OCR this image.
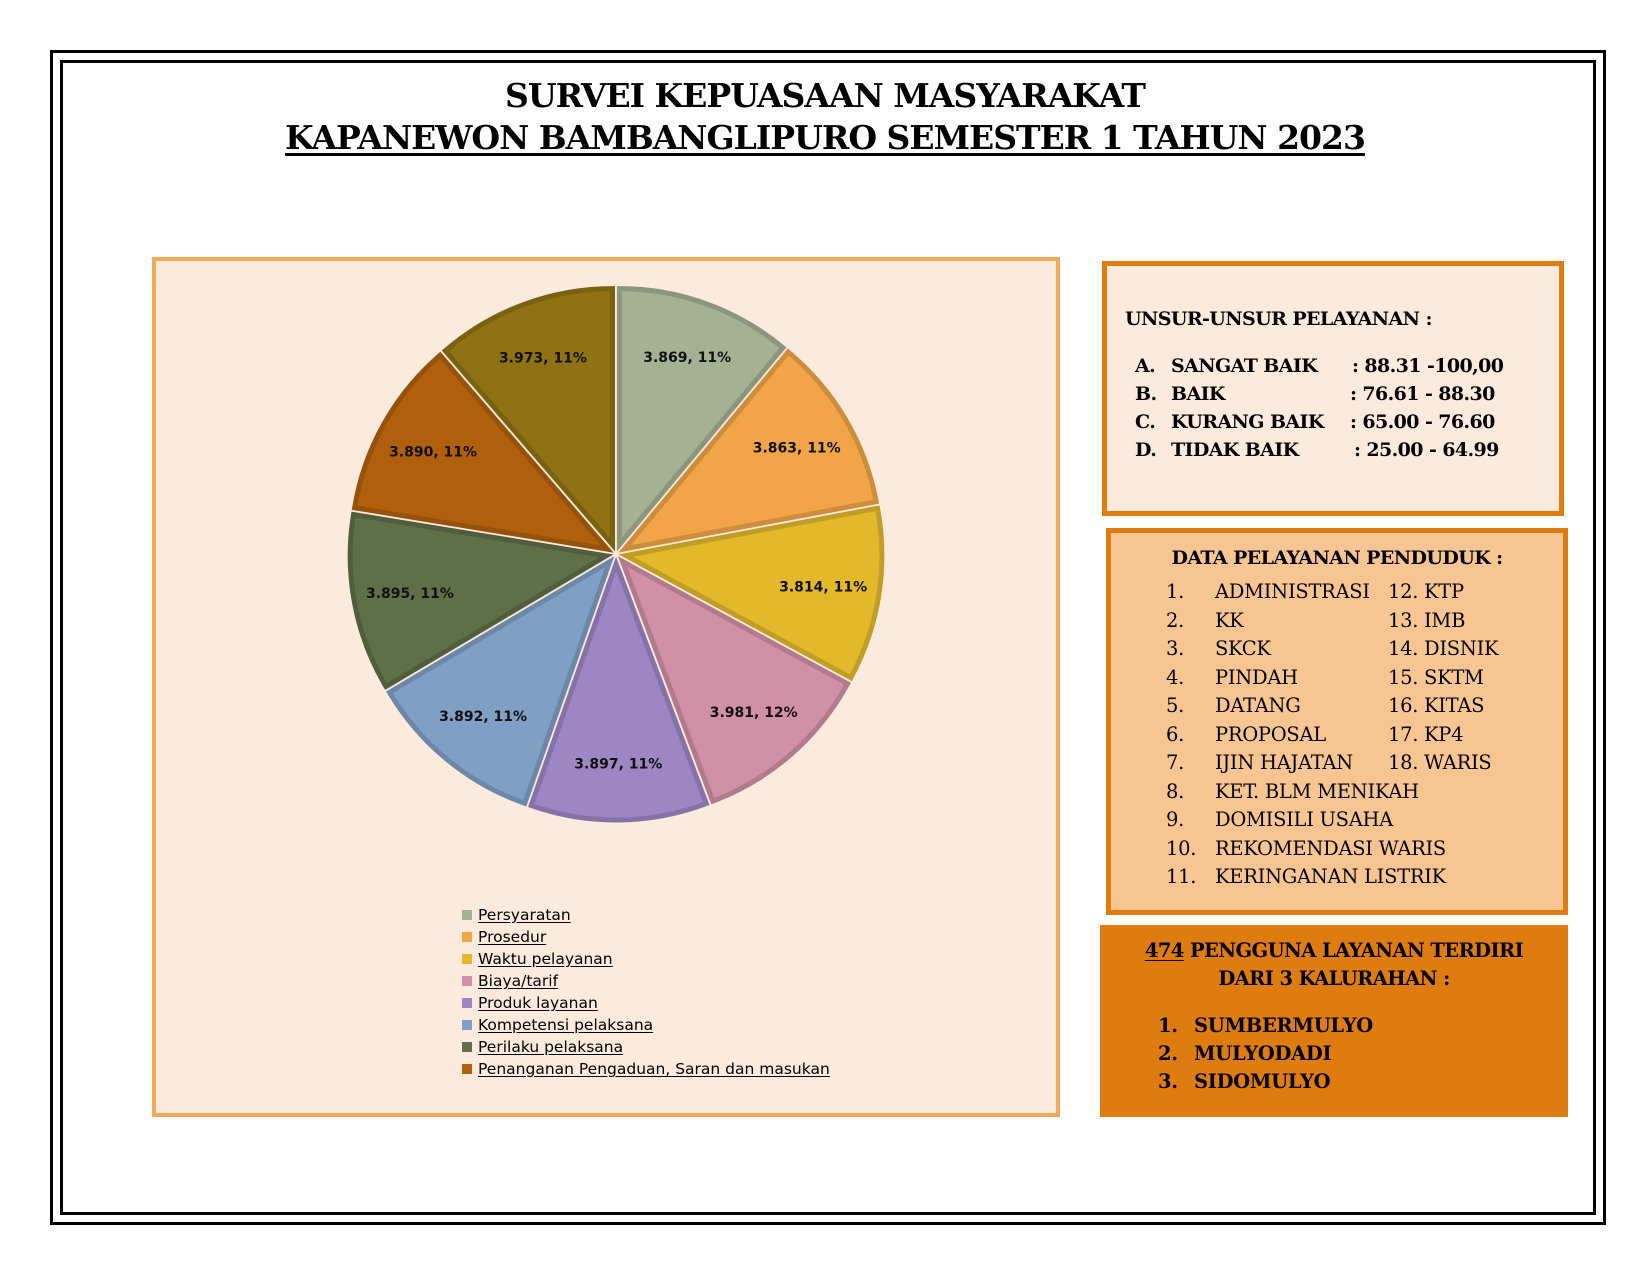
SURVEI KEPUASAAN MASYARAKAT
KAPANEWON BAMBANGLIPURO SEMESTER 1 TAHUN 2023
3.869, 11%
3.863, 11%
3.814, 11%
3.981, 12%
3.897, 11%
3.892, 11%
3.895, 11%
3.890, 11%
3.973, 11%
Persyaratan
Prosedur
Waktu pelayanan
Biaya/tarif
Produk layanan
Kompetensi pelaksana
Perilaku pelaksana
Penanganan Pengaduan, Saran dan masukan
UNSUR-UNSUR PELAYANAN :
A. SANGAT BAIK : 88.31 -100,00
B. BAIK	: 76.61 - 88.30
C. KURANG BAIK : 65.00 - 76.60
D. TIDAK BAIK	: 25.00 - 64.99
DATA PELAYANAN PENDUDUK :
1. ADMINISTRASI
2. KK
3. SKCK
4. PINDAH
5. DATANG
6. PROPOSAL
7. IJIN HAJATAN
8. KET. BLM MENIKAH
9. DOMISILI USAHA
10. REKOMENDASI WARIS
11. KERINGANAN LISTRIK
12. KTP
13. IMB
14. DISNIK
15. SKTM
16. KITAS
17. KP4
18. WARIS
474 PENGGUNA LAYANAN TERDIRI
DARI 3 KALURAHAN :
1. SUMBERMULYO
2. MULYODADI
3. SIDOMULYO
